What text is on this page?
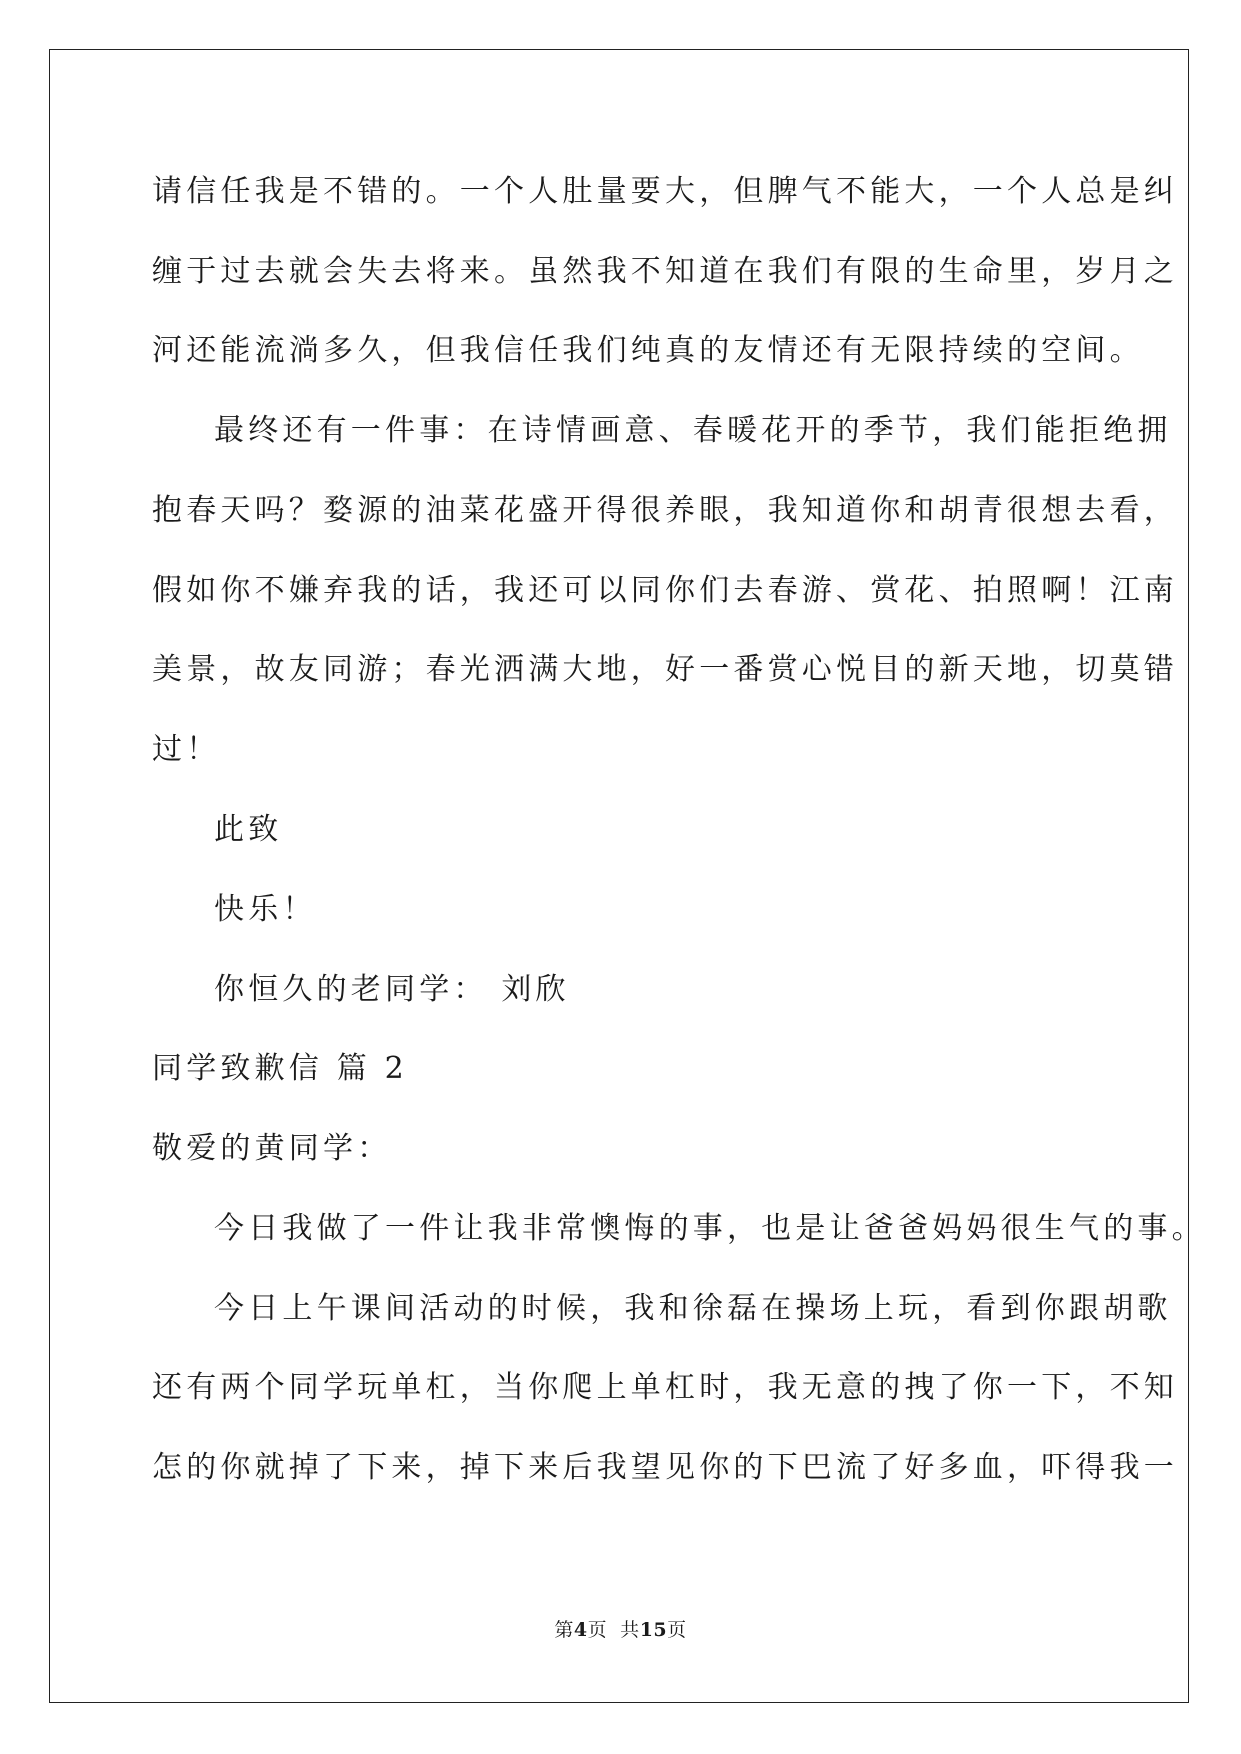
请信任我是不错的。一个人肚量要大，但脾气不能大，一个人总是纠
缠于过去就会失去将来。虽然我不知道在我们有限的生命里，岁月之
河还能流淌多久，但我信任我们纯真的友情还有无限持续的空间。
最终还有一件事：在诗情画意、春暖花开的季节，我们能拒绝拥
抱春天吗？婺源的油菜花盛开得很养眼，我知道你和胡青很想去看，
假如你不嫌弃我的话，我还可以同你们去春游、赏花、拍照啊！江南
美景，故友同游；春光洒满大地，好一番赏心悦目的新天地，切莫错
过！
此致
快乐！
你恒久的老同学： 刘欣
同学致歉信 篇 2
敬爱的黄同学：
今日我做了一件让我非常懊悔的事，也是让爸爸妈妈很生气的事。
今日上午课间活动的时候，我和徐磊在操场上玩，看到你跟胡歌
还有两个同学玩单杠，当你爬上单杠时，我无意的拽了你一下，不知
怎的你就掉了下来，掉下来后我望见你的下巴流了好多血，吓得我一
第4页  共15页
